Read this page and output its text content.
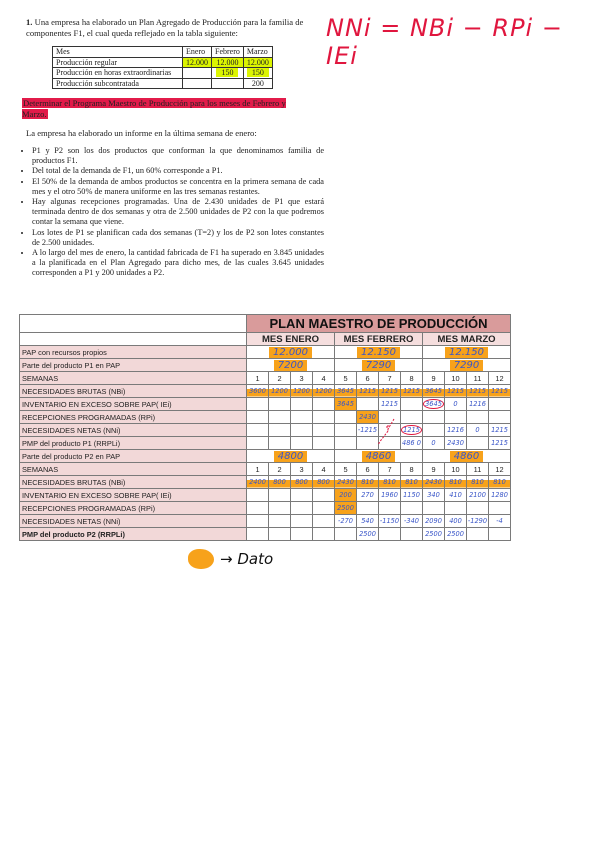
1. Una empresa ha elaborado un Plan Agregado de Producción para la familia de componentes F1, el cual queda reflejado en la tabla siguiente:
Mes	Enero	Febrero	Marzo
Producción regular	12.000	12.000	12.000
Producción en horas extraordinarias		150	150
Producción subcontratada			200
NNi = NBi − RPi − IEi
Determinar el Programa Maestro de Producción para los meses de Febrero y Marzo.
La empresa ha elaborado un informe en la última semana de enero:
• P1 y P2 son los dos productos que conforman la que denominamos familia de productos F1.
• Del total de la demanda de F1, un 60% corresponde a P1.
• El 50% de la demanda de ambos productos se concentra en la primera semana de cada mes y el otro 50% de manera uniforme en las tres semanas restantes.
• Hay algunas recepciones programadas. Una de 2.430 unidades de P1 que estará terminada dentro de dos semanas y otra de 2.500 unidades de P2 con la que podremos contar la semana que viene.
• Los lotes de P1 se planifican cada dos semanas (T=2) y los de P2 son lotes constantes de 2.500 unidades.
• A lo largo del mes de enero, la cantidad fabricada de F1 ha superado en 3.845 unidades a la planificada en el Plan Agregado para dicho mes, de las cuales 3.645 unidades corresponden a P1 y 200 unidades a P2.
	PLAN MAESTRO DE PRODUCCIÓN											
	MES ENERO				MES FEBRERO				MES MARZO			
PAP con recursos propios	12.000				12.150				12.150			
Parte del producto P1 en PAP	7200				7290				7290			
SEMANAS	1	2	3	4	5	6	7	8	9	10	11	12
NECESIDADES BRUTAS (NBi)	3600	1200	1200	1200	3645	1215	1215	1215	3645	1215	1215	1215
INVENTARIO EN EXCESO SOBRE PAP( IEi)					3645		1215		3645	0	1216	
RECEPCIONES PROGRAMADAS (RPi)						2430						
NECESIDADES NETAS (NNi)						-1215		1215		1216	0	1215
PMP del producto P1 (RRPLi)								486 0	0	2430		1215
Parte del producto P2 en PAP	4800				4860				4860			
SEMANAS	1	2	3	4	5	6	7	8	9	10	11	12
NECESIDADES BRUTAS (NBi)	2400	800	800	800	2430	810	810	810	2430	810	810	810
INVENTARIO EN EXCESO SOBRE PAP( IEi)					200	270	1960	1150	340	410	2100	1280
RECEPCIONES PROGRAMADAS (RPi)					2500							
NECESIDADES NETAS (NNi)					-270	540	-1150	-340	2090	400	-1290	-4
PMP del producto P2 (RRPLi)						2500			2500	2500		
→ Dato
